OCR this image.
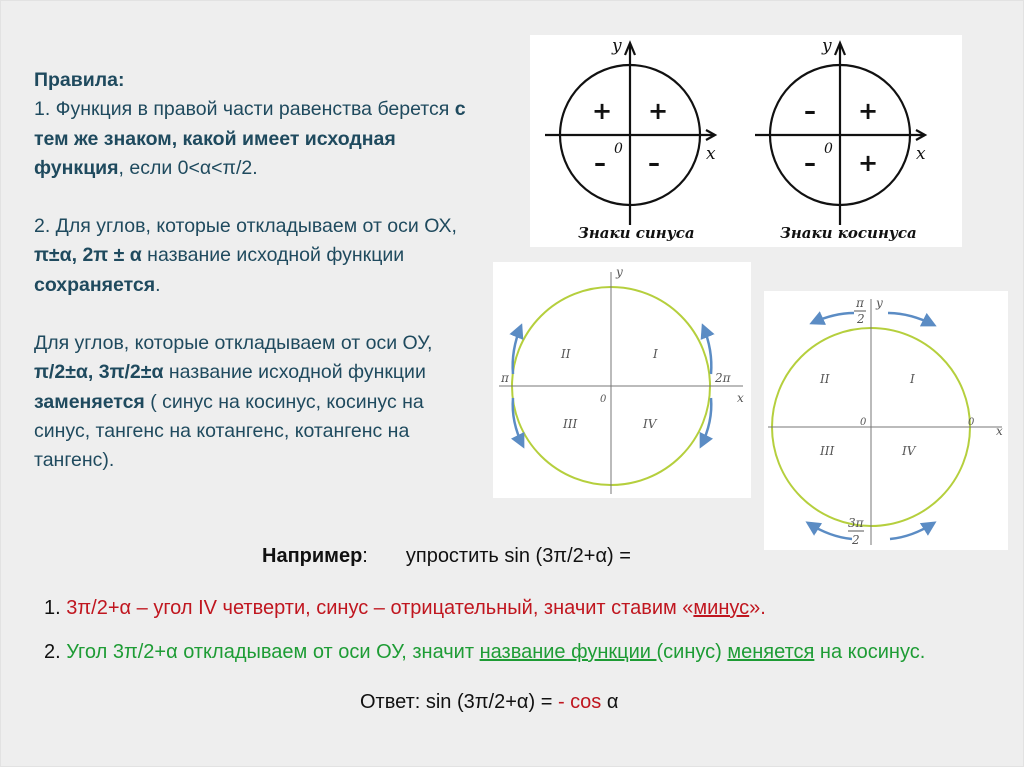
Правила:

1. Функция в правой части равенства берется с тем же знаком, какой имеет исходная функция, если 0<α<π/2.

2. Для углов, которые откладываем от оси ОХ, π±α, 2π ± α название исходной функции сохраняется.

Для углов, которые откладываем от оси ОУ, π/2±α, 3π/2±α название исходной функции заменяется ( синус на косинус, косинус на синус, тангенс на котангенс, котангенс на тангенс).

y
x
0
y
x
0
+ +
– –
– +
– +
Знаки синуса	Знаки косинуса
y
x
0
π	2π
II	I
III	IV
y
x
0	0
π
2
3π
2
II	I
III	IV
Например: упростить sin (3π/2+α) =
1. 3π/2+α – угол IV четверти, синус – отрицательный, значит ставим «минус».
2. Угол 3π/2+α откладываем от оси ОУ, значит название функции (синус) меняется на косинус.
Ответ: sin (3π/2+α) = - cos α
